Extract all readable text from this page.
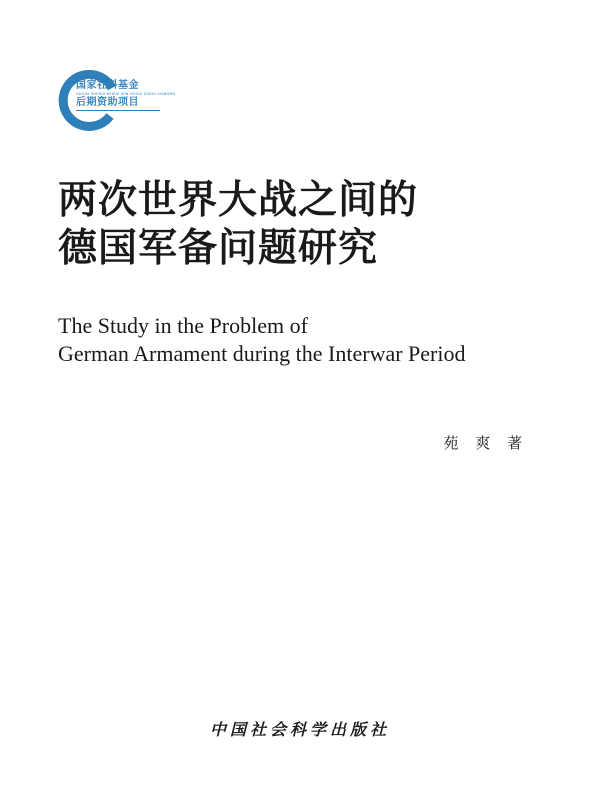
国家社科基金
GUOJIA SHEHUI KEXUE JIJIN HOUQI ZIZHU XIANGMU
后期资助项目
两次世界大战之间的
德国军备问题研究
The Study in the Problem of
German Armament during the Interwar Period
苑 爽 著
中国社会科学出版社
